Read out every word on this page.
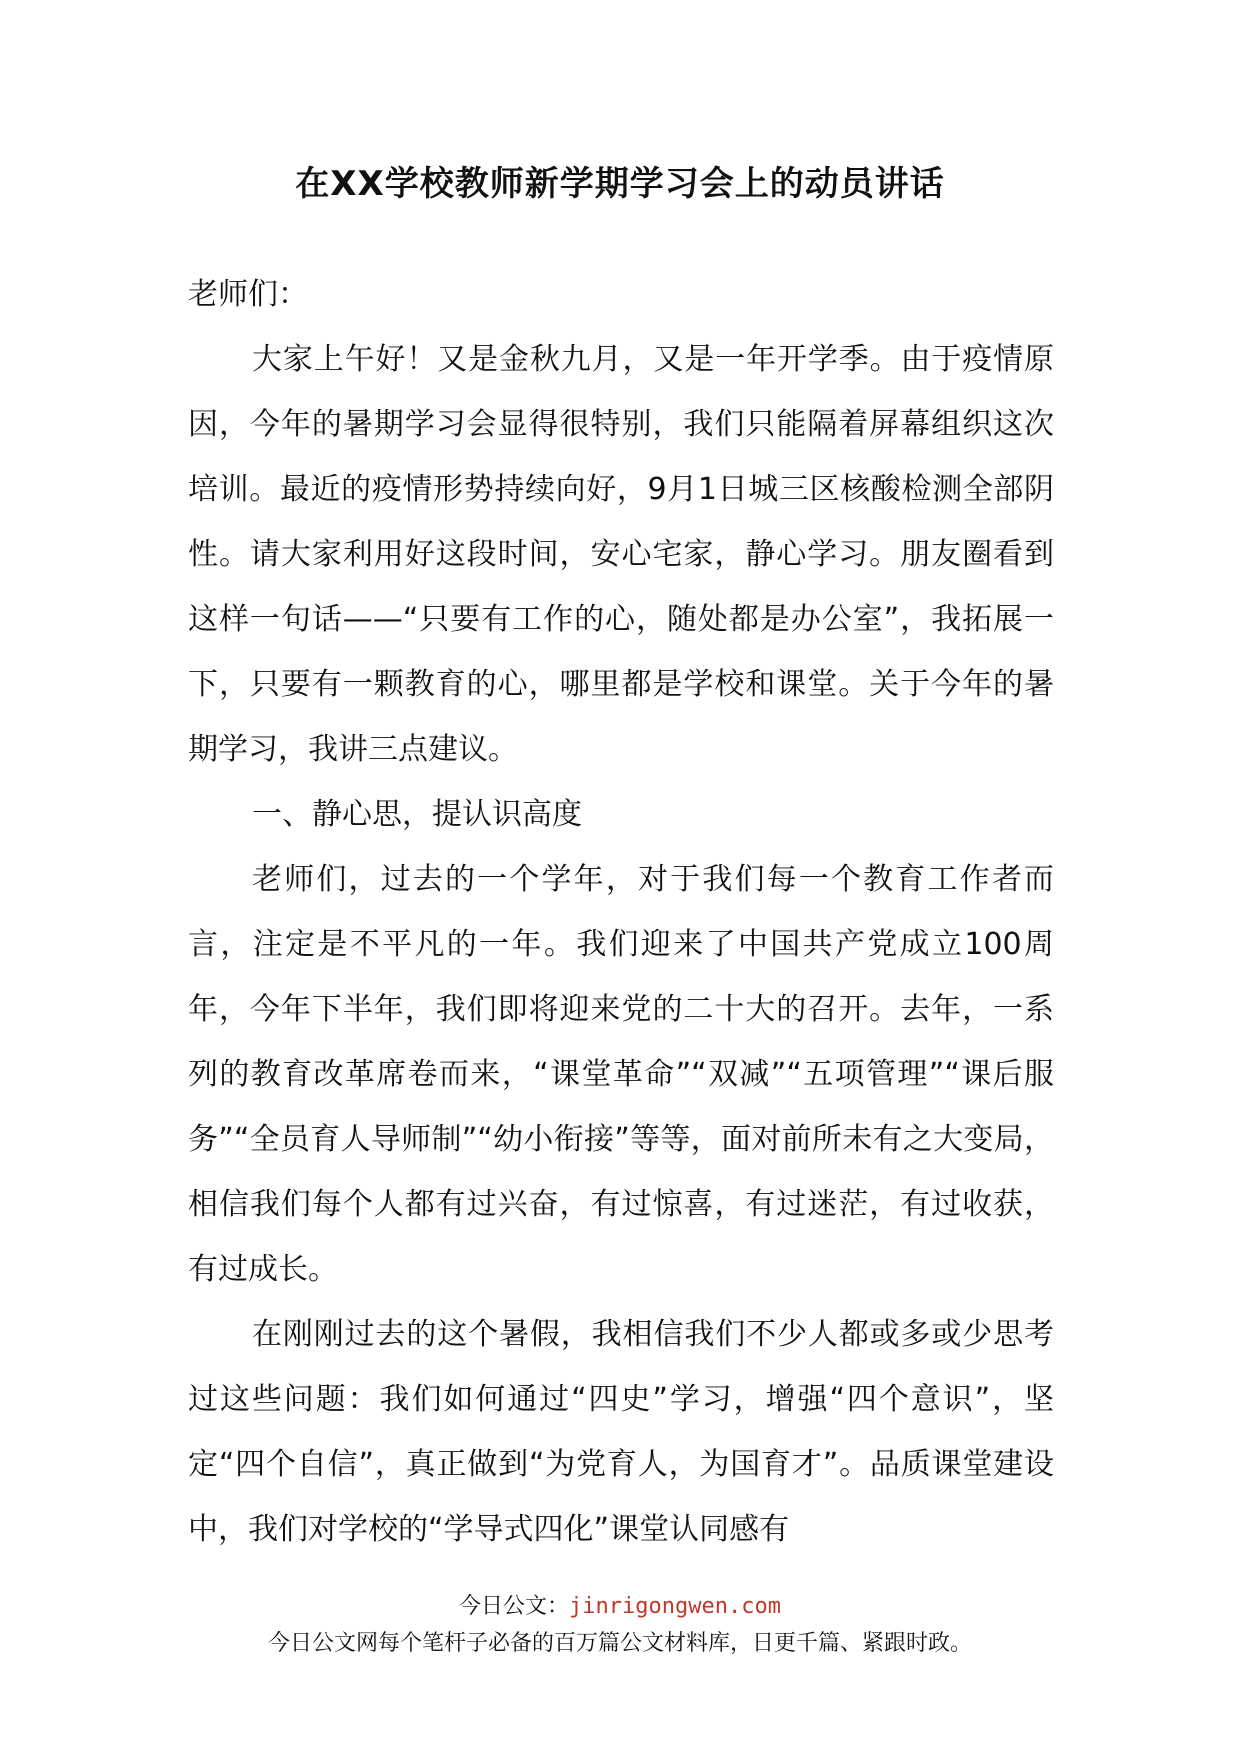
在XX学校教师新学期学习会上的动员讲话

老师们：

大家上午好！又是金秋九月，又是一年开学季。由于疫情原因，今年的暑期学习会显得很特别，我们只能隔着屏幕组织这次培训。最近的疫情形势持续向好，9月1日城三区核酸检测全部阴性。请大家利用好这段时间，安心宅家，静心学习。朋友圈看到这样一句话——“只要有工作的心，随处都是办公室”，我拓展一下，只要有一颗教育的心，哪里都是学校和课堂。关于今年的暑期学习，我讲三点建议。

一、静心思，提认识高度

老师们，过去的一个学年，对于我们每一个教育工作者而言，注定是不平凡的一年。我们迎来了中国共产党成立100周年，今年下半年，我们即将迎来党的二十大的召开。去年，一系列的教育改革席卷而来，“课堂革命”“双减”“五项管理”“课后服务”“全员育人导师制”“幼小衔接”等等，面对前所未有之大变局，相信我们每个人都有过兴奋，有过惊喜，有过迷茫，有过收获，有过成长。

在刚刚过去的这个暑假，我相信我们不少人都或多或少思考过这些问题：我们如何通过“四史”学习，增强“四个意识”，坚定“四个自信”，真正做到“为党育人，为国育才”。品质课堂建设中，我们对学校的“学导式四化”课堂认同感有

今日公文：jinrigongwen.com
今日公文网每个笔杆子必备的百万篇公文材料库，日更千篇、紧跟时政。
